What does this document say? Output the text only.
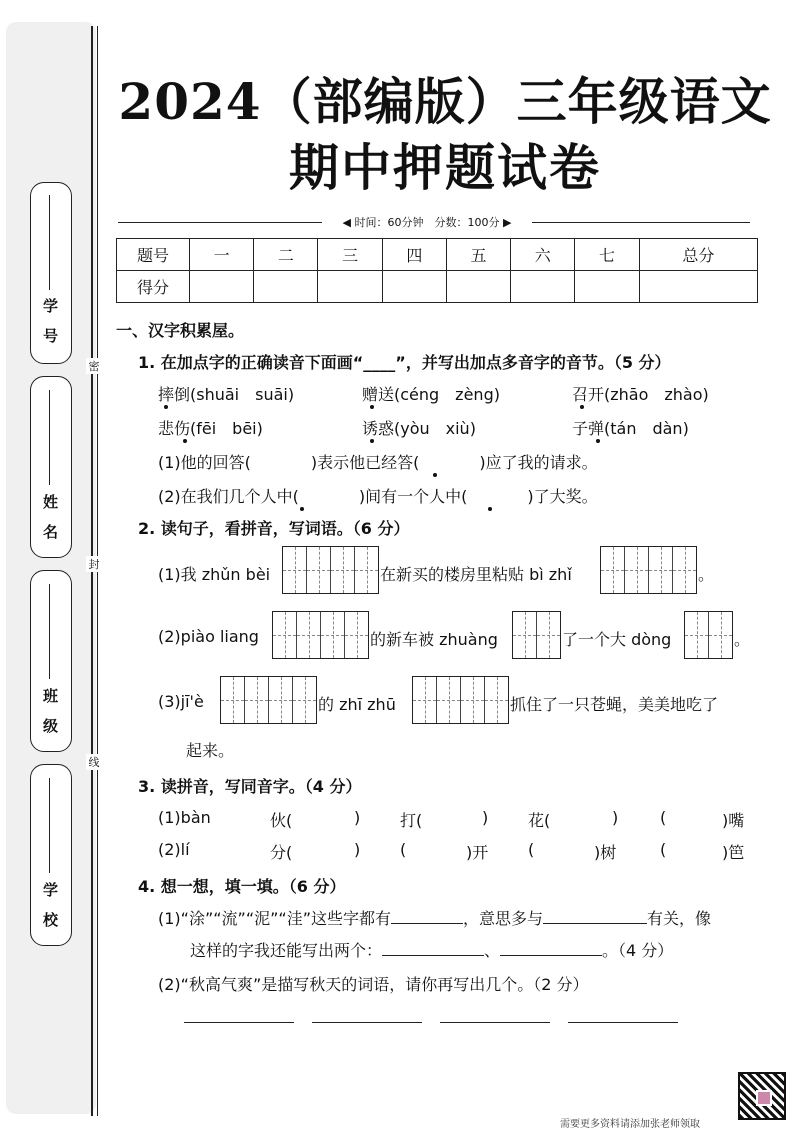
学　号
姓　名
班　级
学　校
密
封
线
2024（部编版）三年级语文
期中押题试卷
◀ 时间：60分钟　分数：100分 ▶
题号	一	二	三	四	五	六	七	总分
得分								
一、汉字积累屋。
1. 在加点字的正确读音下面画“____”，并写出加点多音字的音节。（5 分）
摔倒(shuāi　suāi)	赠送(céng　zèng)	召开(zhāo　zhào)
悲伤(fēi　bēi)	诱惑(yòu　xiù)	子弹(tán　dàn)
(1)他的回答(	)表示他已经答(	)应了我的请求。
(2)在我们几个人中(	)间有一个人中(	)了大奖。
2. 读句子，看拼音，写词语。（6 分）
(1)我 zhǔn bèi	在新买的楼房里粘贴 bì zhǐ	。
(2)piào liang	的新车被 zhuàng	了一个大 dòng	。
(3)jī'è	的 zhī zhū	抓住了一只苍蝇，美美地吃了
起来。
3. 读拼音，写同音字。（4 分）
(1)bàn	伙(	) 打(	) 花(	)	(	)嘴
(2)lí	分(	) (	)开 (	)树	(	)笆
4. 想一想，填一填。（6 分）
(1)“涂”“流”“泥”“洼”这些字都有	，意思多与	有关，像
这样的字我还能写出两个：	、	。（4 分）
(2)“秋高气爽”是描写秋天的词语，请你再写出几个。（2 分）
需要更多资料请添加张老师领取
